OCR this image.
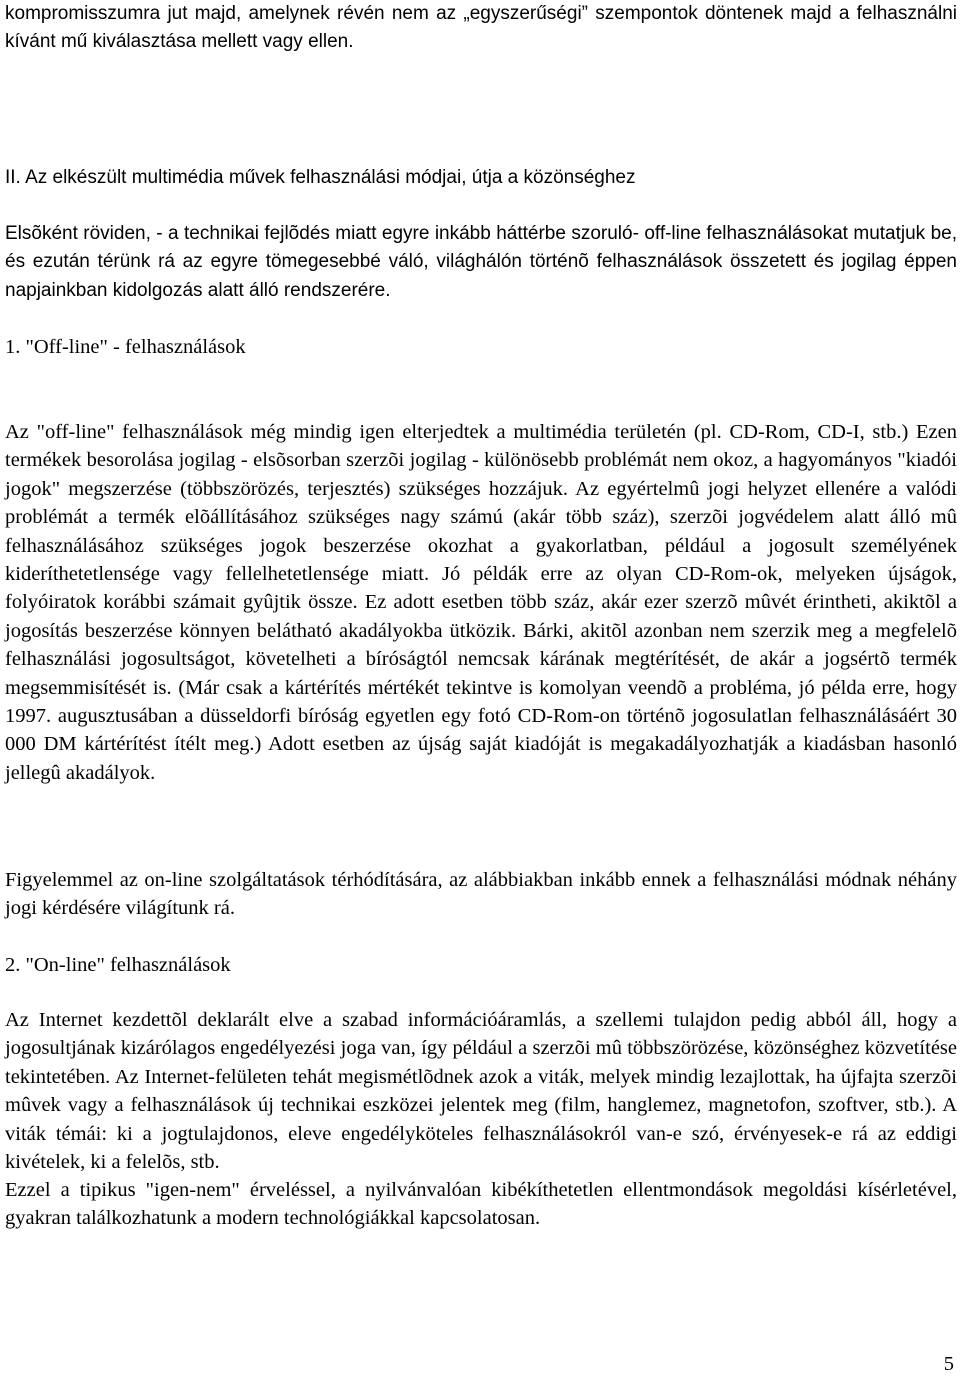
kompromisszumra jut majd, amelynek révén nem az „egyszerűségi” szempontok döntenek majd a felhasználni kívánt mű kiválasztása mellett vagy ellen.

II. Az elkészült multimédia művek felhasználási módjai, útja a közönséghez

Elsõként röviden, - a technikai fejlõdés miatt egyre inkább háttérbe szoruló- off-line felhasználásokat mutatjuk be, és ezután térünk rá az egyre tömegesebbé váló, világhálón történõ felhasználások összetett és jogilag éppen napjainkban kidolgozás alatt álló rendszerére.

1. "Off-line" - felhasználások

Az "off-line" felhasználások még mindig igen elterjedtek a multimédia területén (pl. CD-Rom, CD-I, stb.) Ezen termékek besorolása jogilag - elsõsorban szerzõi jogilag - különösebb problémát nem okoz, a hagyományos "kiadói jogok" megszerzése (többszörözés, terjesztés) szükséges hozzájuk. Az egyértelmû jogi helyzet ellenére a valódi problémát a termék elõállításához szükséges nagy számú (akár több száz), szerzõi jogvédelem alatt álló mû felhasználásához szükséges jogok beszerzése okozhat a gyakorlatban, például a jogosult személyének kideríthetetlensége vagy fellelhetetlensége miatt. Jó példák erre az olyan CD-Rom-ok, melyeken újságok, folyóiratok korábbi számait gyûjtik össze. Ez adott esetben több száz, akár ezer szerzõ mûvét érintheti, akiktõl a jogosítás beszerzése könnyen belátható akadályokba ütközik. Bárki, akitõl azonban nem szerzik meg a megfelelõ felhasználási jogosultságot, követelheti a bíróságtól nemcsak kárának megtérítését, de akár a jogsértõ termék megsemmisítését is. (Már csak a kártérítés mértékét tekintve is komolyan veendõ a probléma, jó példa erre, hogy 1997. augusztusában a düsseldorfi bíróság egyetlen egy fotó CD-Rom-on történõ jogosulatlan felhasználásáért 30 000 DM kártérítést ítélt meg.) Adott esetben az újság saját kiadóját is megakadályozhatják a kiadásban hasonló jellegû akadályok.

Figyelemmel az on-line szolgáltatások térhódítására, az alábbiakban inkább ennek a felhasználási módnak néhány jogi kérdésére világítunk rá.

2. "On-line" felhasználások

Az Internet kezdettõl deklarált elve a szabad információáramlás, a szellemi tulajdon pedig abból áll, hogy a jogosultjának kizárólagos engedélyezési joga van, így például a szerzõi mû többszörözése, közönséghez közvetítése tekintetében. Az Internet-felületen tehát megismétlõdnek azok a viták, melyek mindig lezajlottak, ha újfajta szerzõi mûvek vagy a felhasználások új technikai eszközei jelentek meg (film, hanglemez, magnetofon, szoftver, stb.). A viták témái: ki a jogtulajdonos, eleve engedélyköteles felhasználásokról van-e szó, érvényesek-e rá az eddigi kivételek, ki a felelõs, stb.

Ezzel a tipikus "igen-nem" érveléssel, a nyilvánvalóan kibékíthetetlen ellentmondások megoldási kísérletével, gyakran találkozhatunk a modern technológiákkal kapcsolatosan.

5
